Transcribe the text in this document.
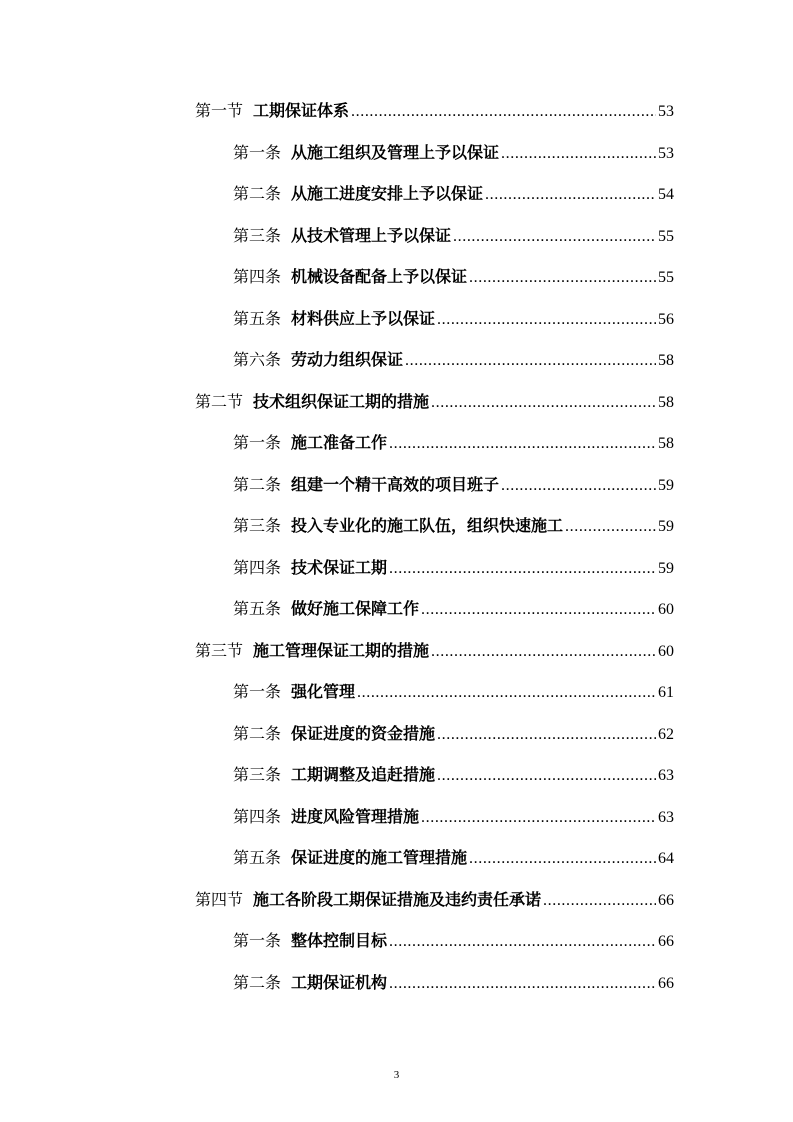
第一节 工期保证体系 .....	53
第一条 从施工组织及管理上予以保证 .....	53
第二条 从施工进度安排上予以保证 .....	54
第三条 从技术管理上予以保证 .....	55
第四条 机械设备配备上予以保证 .....	55
第五条 材料供应上予以保证 .....	56
第六条 劳动力组织保证 .....	58
第二节 技术组织保证工期的措施 .....	58
第一条 施工准备工作 .....	58
第二条 组建一个精干高效的项目班子 .....	59
第三条 投入专业化的施工队伍，组织快速施工 .....	59
第四条 技术保证工期 .....	59
第五条 做好施工保障工作 .....	60
第三节 施工管理保证工期的措施 .....	60
第一条 强化管理 .....	61
第二条 保证进度的资金措施 .....	62
第三条 工期调整及追赶措施 .....	63
第四条 进度风险管理措施 .....	63
第五条 保证进度的施工管理措施 .....	64
第四节 施工各阶段工期保证措施及违约责任承诺 .....	66
第一条 整体控制目标 .....	66
第二条 工期保证机构 .....	66
3
